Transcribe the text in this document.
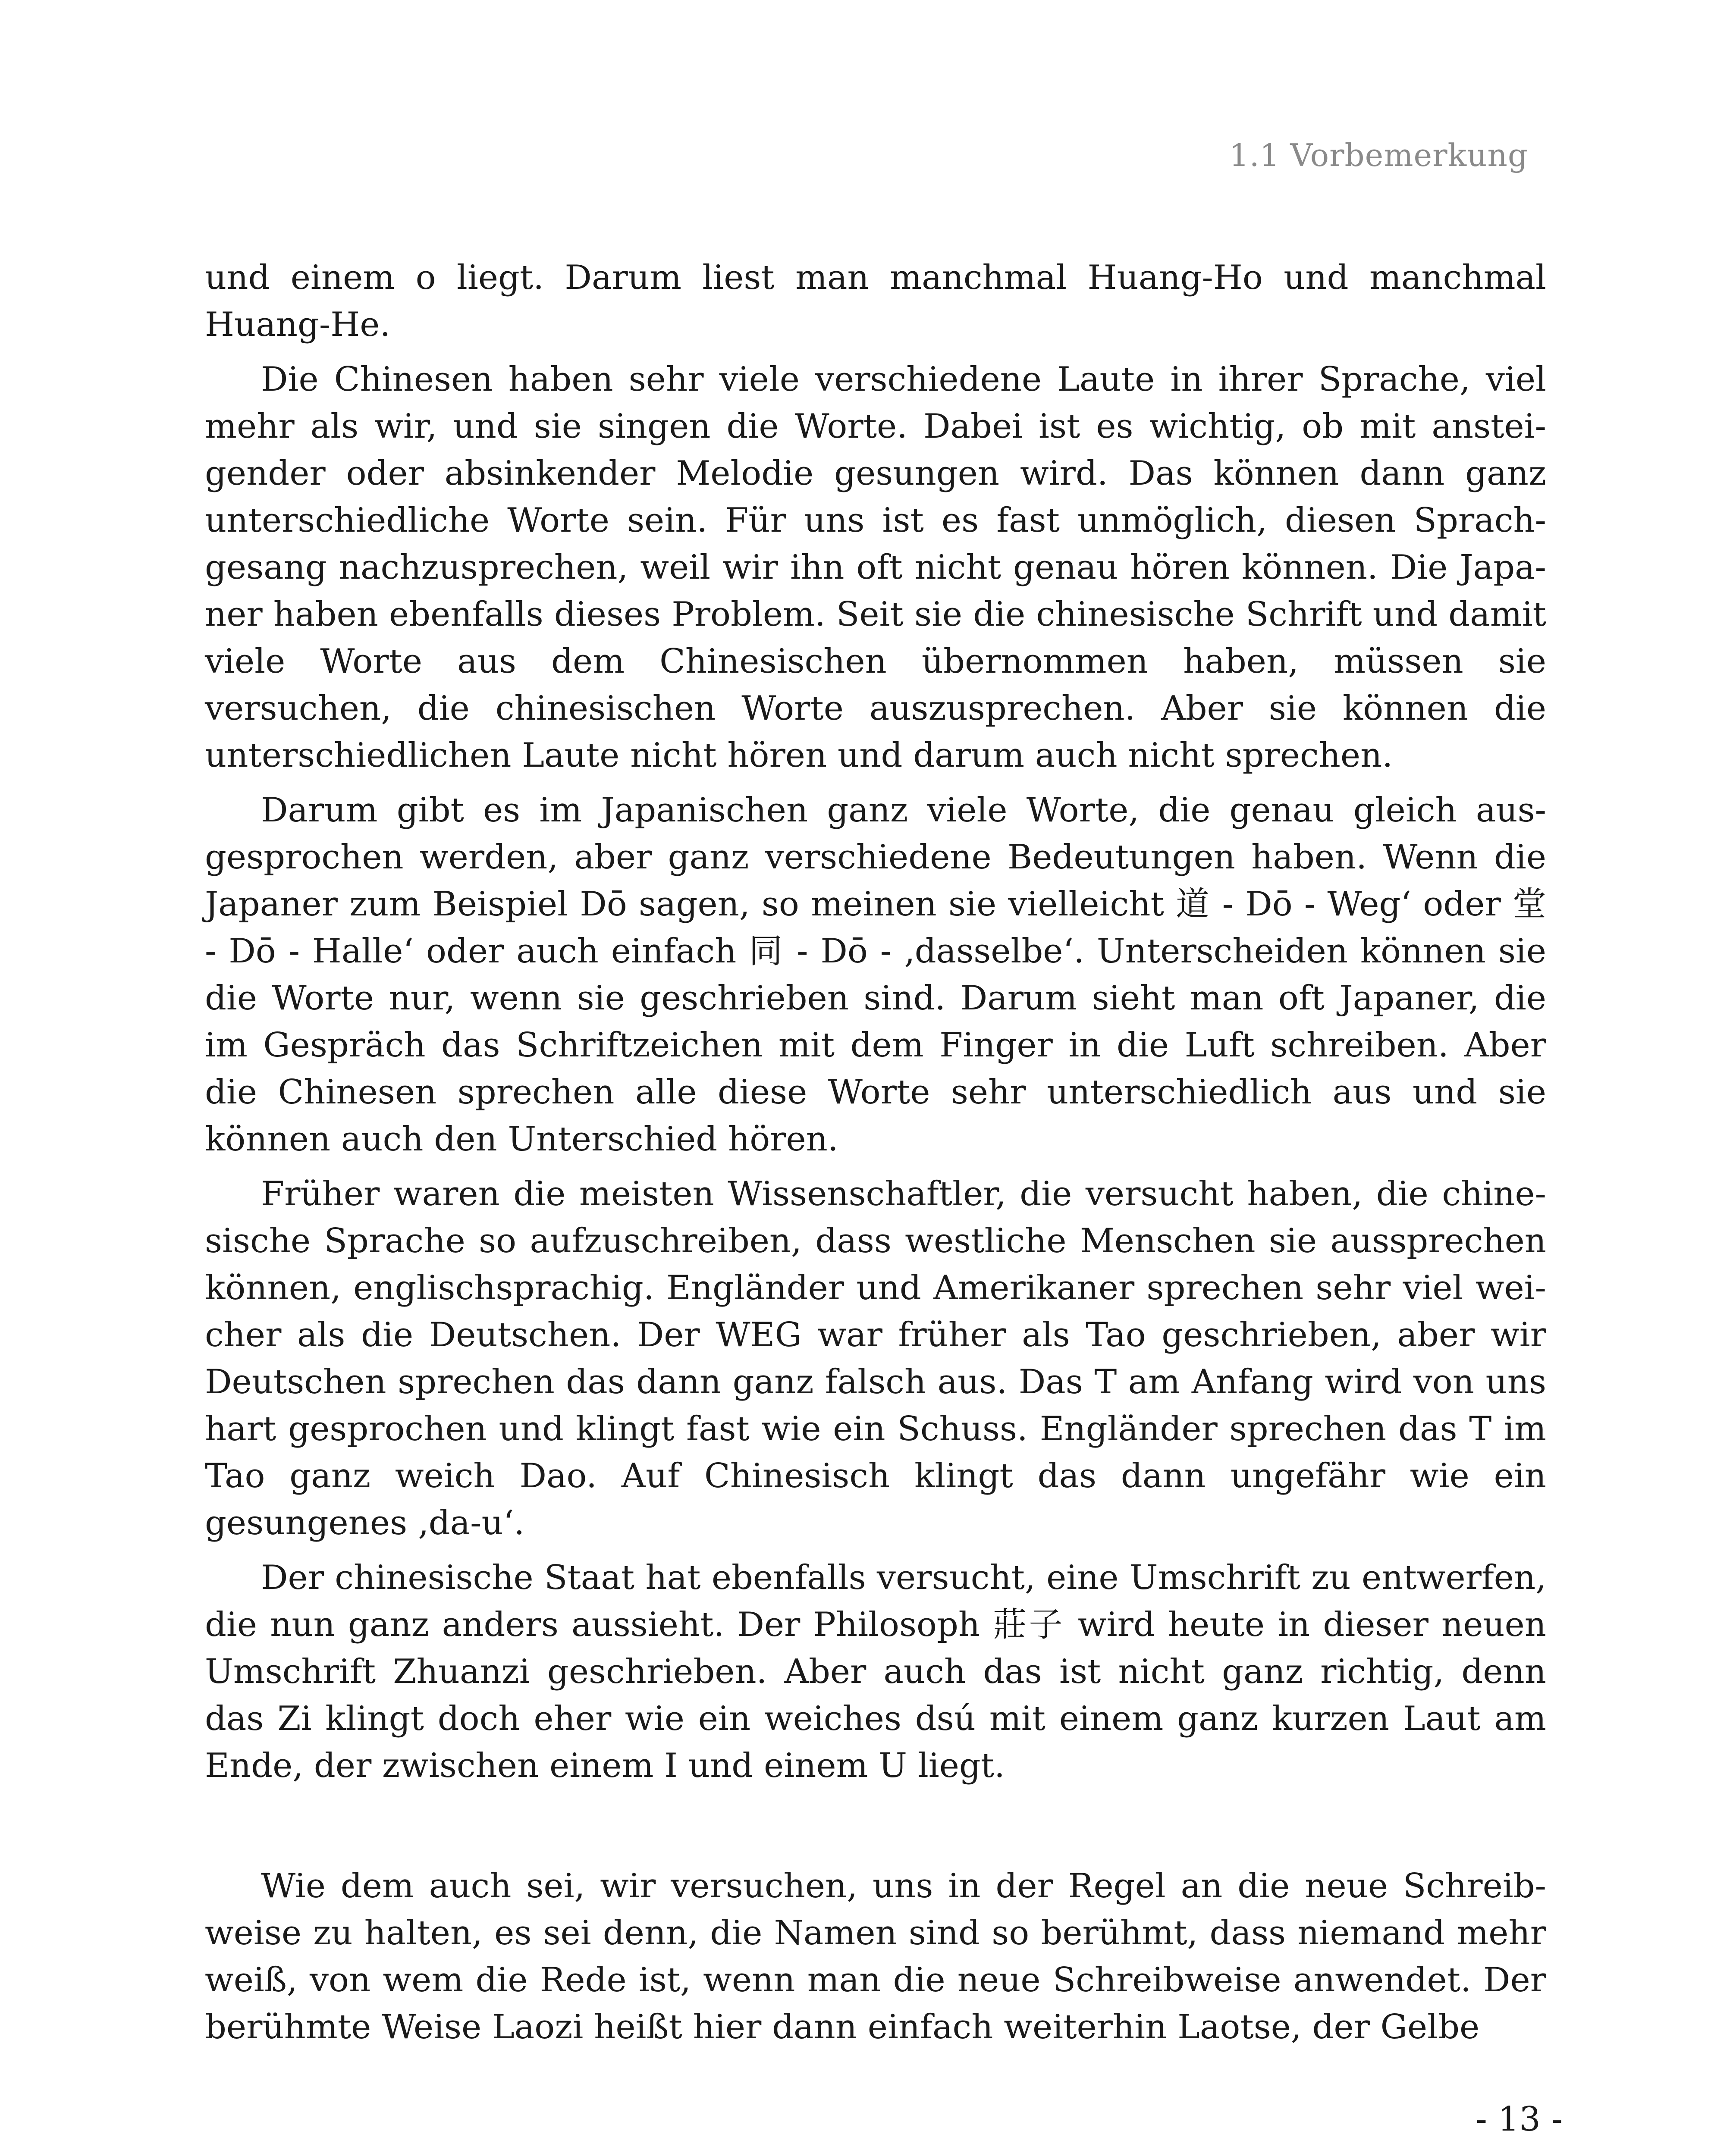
1.1 Vorbemerkung

und einem o liegt. Darum liest man manchmal Huang-Ho und manchmal Huang-He.

Die Chinesen haben sehr viele verschiedene Laute in ihrer Sprache, viel mehr als wir, und sie singen die Worte. Dabei ist es wichtig, ob mit ansteigender oder absinkender Melodie gesungen wird. Das können dann ganz unterschiedliche Worte sein. Für uns ist es fast unmöglich, diesen Sprachgesang nachzusprechen, weil wir ihn oft nicht genau hören können. Die Japaner haben ebenfalls dieses Problem. Seit sie die chinesische Schrift und damit viele Worte aus dem Chinesischen übernommen haben, müssen sie versuchen, die chinesischen Worte auszusprechen. Aber sie können die unterschiedlichen Laute nicht hören und darum auch nicht sprechen.

Darum gibt es im Japanischen ganz viele Worte, die genau gleich ausgesprochen werden, aber ganz verschiedene Bedeutungen haben. Wenn die Japaner zum Beispiel Dō sagen, so meinen sie vielleicht 道 - Dō - Weg‘ oder 堂 - Dō - Halle‘ oder auch einfach 同 - Dō - ‚dasselbe‘. Unterscheiden können sie die Worte nur, wenn sie geschrieben sind. Darum sieht man oft Japaner, die im Gespräch das Schriftzeichen mit dem Finger in die Luft schreiben. Aber die Chinesen sprechen alle diese Worte sehr unterschiedlich aus und sie können auch den Unterschied hören.

Früher waren die meisten Wissenschaftler, die versucht haben, die chinesische Sprache so aufzuschreiben, dass westliche Menschen sie aussprechen können, englischsprachig. Engländer und Amerikaner sprechen sehr viel weicher als die Deutschen. Der WEG war früher als Tao geschrieben, aber wir Deutschen sprechen das dann ganz falsch aus. Das T am Anfang wird von uns hart gesprochen und klingt fast wie ein Schuss. Engländer sprechen das T im Tao ganz weich Dao. Auf Chinesisch klingt das dann ungefähr wie ein gesungenes ‚da-u‘.

Der chinesische Staat hat ebenfalls versucht, eine Umschrift zu entwerfen, die nun ganz anders aussieht. Der Philosoph 莊子 wird heute in dieser neuen Umschrift Zhuanzi geschrieben. Aber auch das ist nicht ganz richtig, denn das Zi klingt doch eher wie ein weiches dsú mit einem ganz kurzen Laut am Ende, der zwischen einem I und einem U liegt.

Wie dem auch sei, wir versuchen, uns in der Regel an die neue Schreibweise zu halten, es sei denn, die Namen sind so berühmt, dass niemand mehr weiß, von wem die Rede ist, wenn man die neue Schreibweise anwendet. Der berühmte Weise Laozi heißt hier dann einfach weiterhin Laotse, der Gelbe

- 13 -
